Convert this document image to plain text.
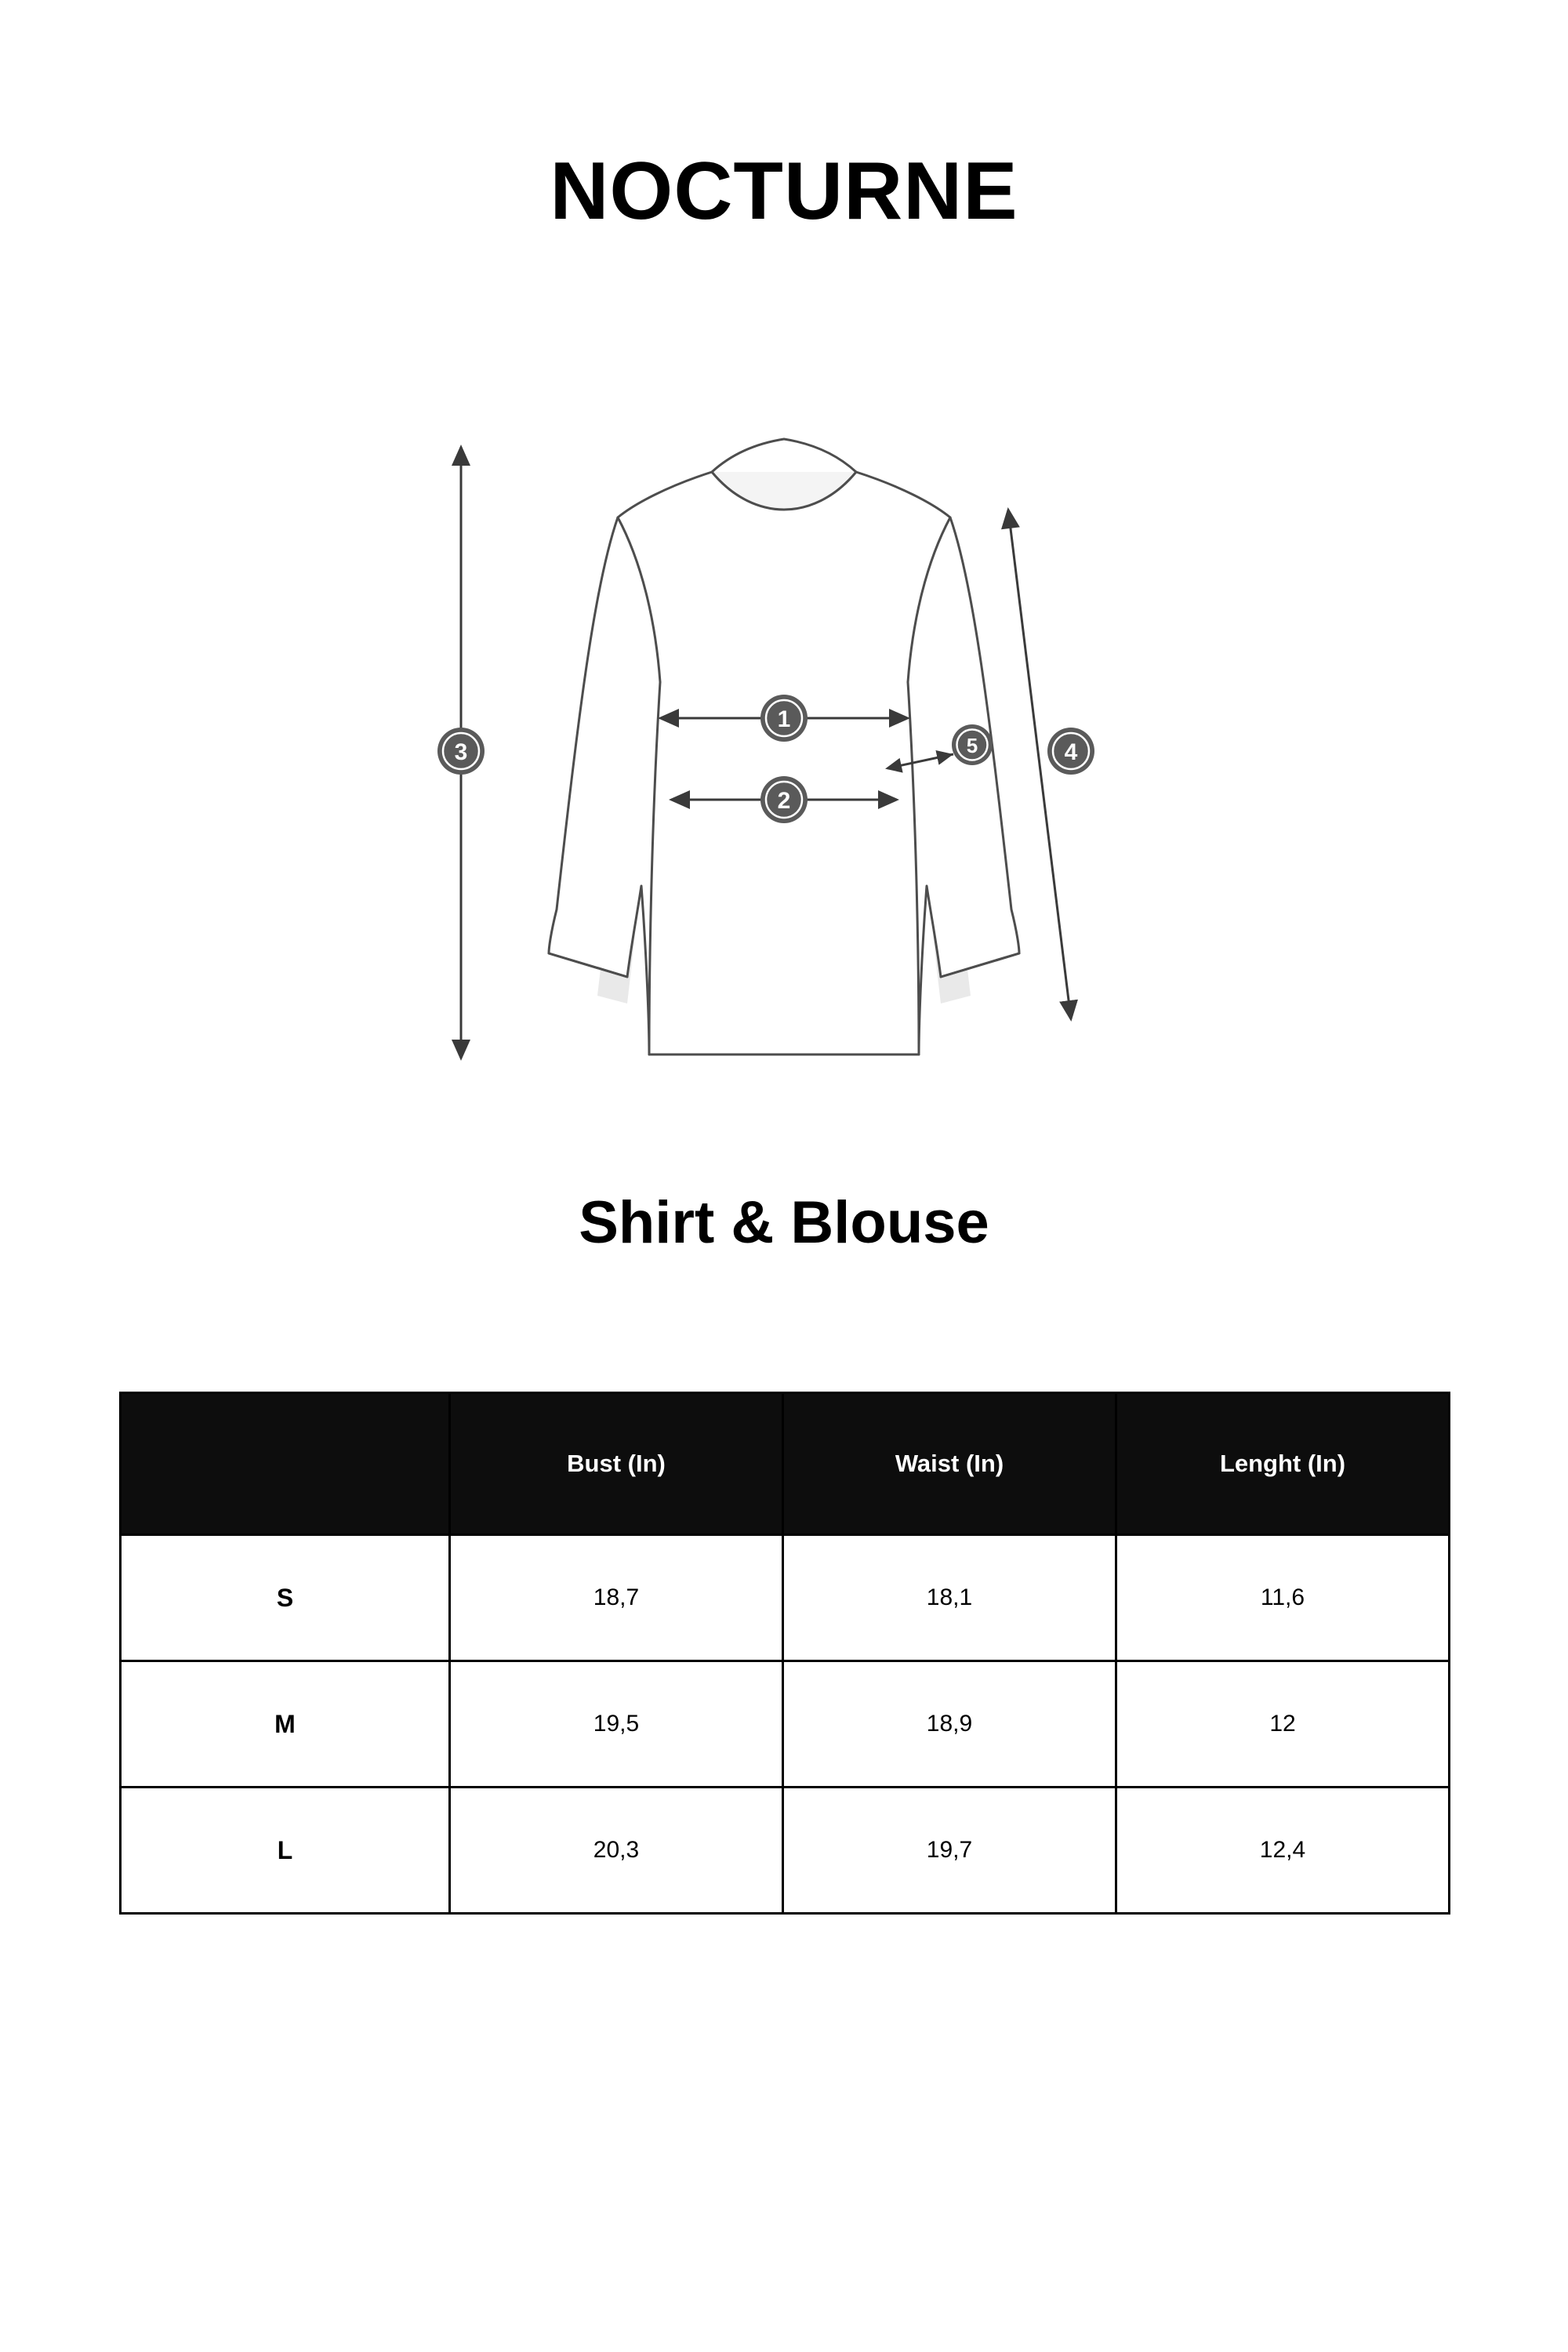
NOCTURNE
1
2
3	4
5
Shirt & Blouse
	Bust (In)	Waist (In)	Lenght (In)
S	18,7	18,1	11,6
M	19,5	18,9	12
L	20,3	19,7	12,4
